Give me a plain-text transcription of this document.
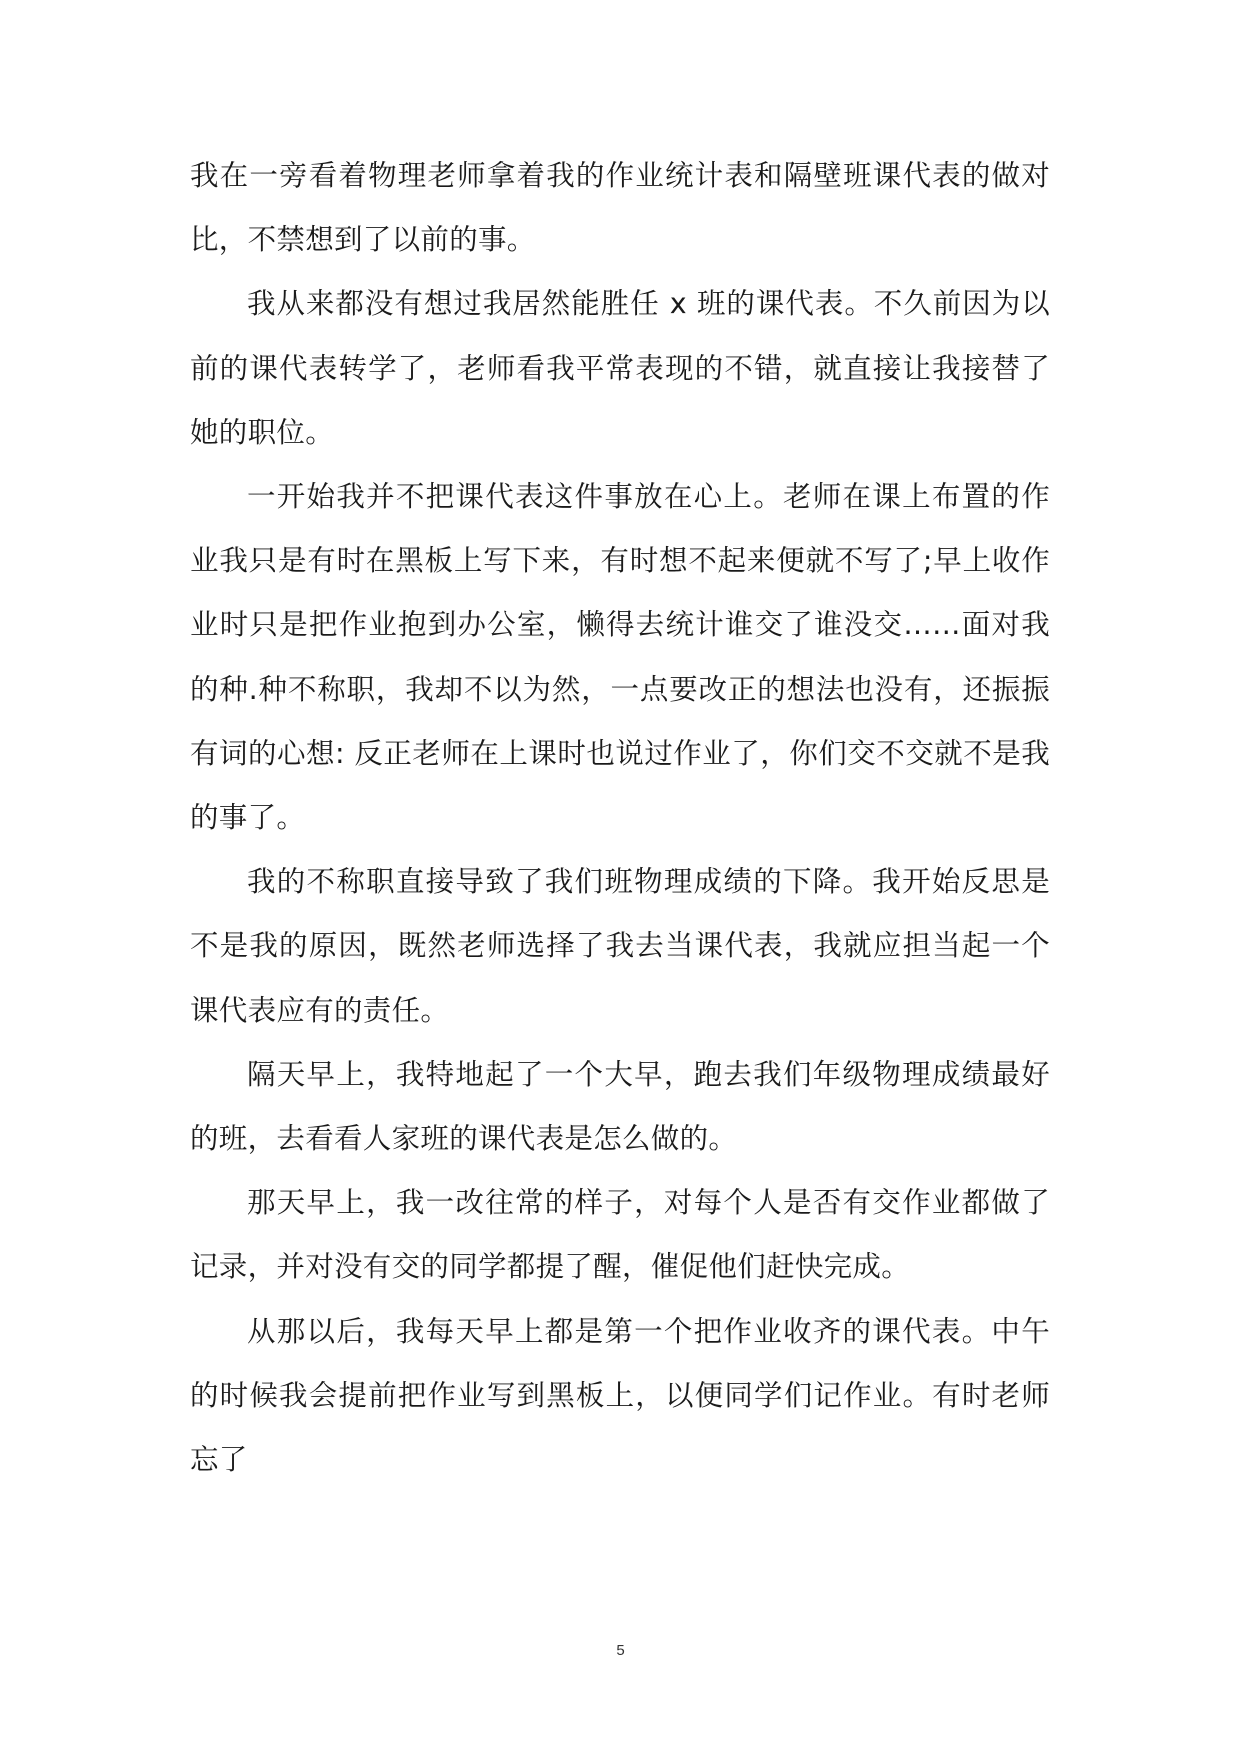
我在一旁看着物理老师拿着我的作业统计表和隔壁班课代表的做对比，不禁想到了以前的事。

我从来都没有想过我居然能胜任 x 班的课代表。不久前因为以前的课代表转学了，老师看我平常表现的不错，就直接让我接替了她的职位。

一开始我并不把课代表这件事放在心上。老师在课上布置的作业我只是有时在黑板上写下来，有时想不起来便就不写了;早上收作业时只是把作业抱到办公室，懒得去统计谁交了谁没交……面对我的种.种不称职，我却不以为然，一点要改正的想法也没有，还振振有词的心想: 反正老师在上课时也说过作业了，你们交不交就不是我的事了。

我的不称职直接导致了我们班物理成绩的下降。我开始反思是不是我的原因，既然老师选择了我去当课代表，我就应担当起一个课代表应有的责任。

隔天早上，我特地起了一个大早，跑去我们年级物理成绩最好的班，去看看人家班的课代表是怎么做的。

那天早上，我一改往常的样子，对每个人是否有交作业都做了记录，并对没有交的同学都提了醒，催促他们赶快完成。

从那以后，我每天早上都是第一个把作业收齐的课代表。中午的时候我会提前把作业写到黑板上，以便同学们记作业。有时老师忘了

5
